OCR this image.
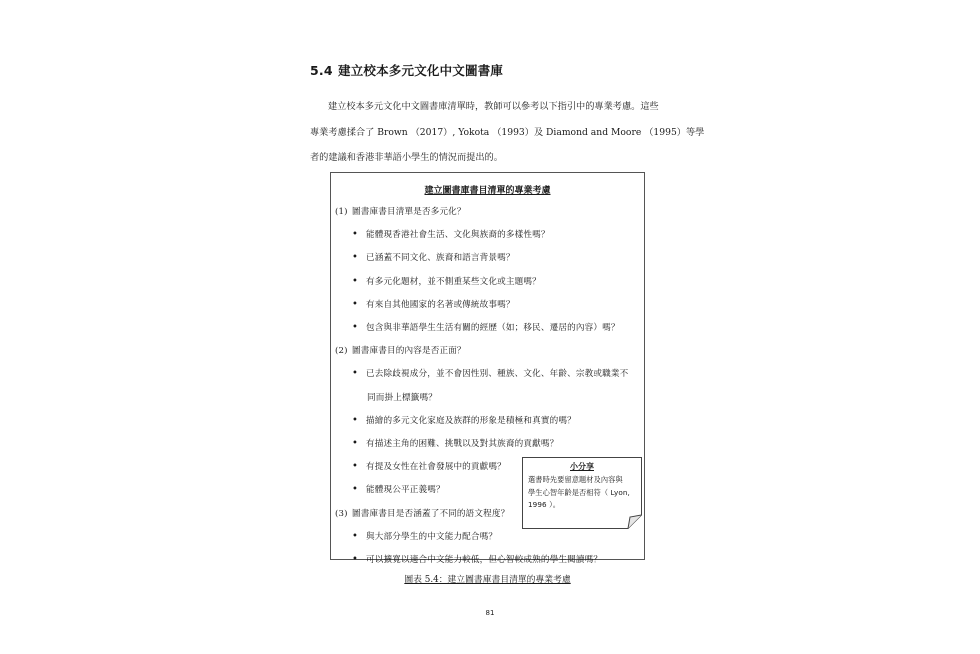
5.4 建立校本多元文化中文圖書庫
建立校本多元文化中文圖書庫清單時，教師可以參考以下指引中的專業考慮。這些
專業考慮揉合了 Brown （2017）, Yokota （1993）及 Diamond and Moore （1995）等學
者的建議和香港非華語小學生的情況而提出的。
建立圖書庫書目清單的專業考慮
(1) 圖書庫書目清單是否多元化？
• 能體現香港社會生活、文化與族裔的多樣性嗎？
• 已涵蓋不同文化、族裔和語言背景嗎？
• 有多元化題材，並不側重某些文化或主題嗎？
• 有來自其他國家的名著或傳統故事嗎？
• 包含與非華語學生生活有關的經歷（如；移民、遷居的內容）嗎？
(2) 圖書庫書目的內容是否正面？
• 已去除歧視成分，並不會因性別、種族、文化、年齡、宗教或職業不
同而掛上標籤嗎？
• 描繪的多元文化家庭及族群的形象是積極和真實的嗎？
• 有描述主角的困難、挑戰以及對其族裔的貢獻嗎？
• 有提及女性在社會發展中的貢獻嗎？
• 能體現公平正義嗎？
(3) 圖書庫書目是否涵蓋了不同的語文程度？
• 與大部分學生的中文能力配合嗎？
• 可以擴寬以適合中文能力較低，但心智較成熟的學生閱讀嗎？
小分享
選書時先要留意題材及內容與
學生心智年齡是否相符（ Lyon,
1996 ）。
圖表 5.4：建立圖書庫書目清單的專業考慮
81
